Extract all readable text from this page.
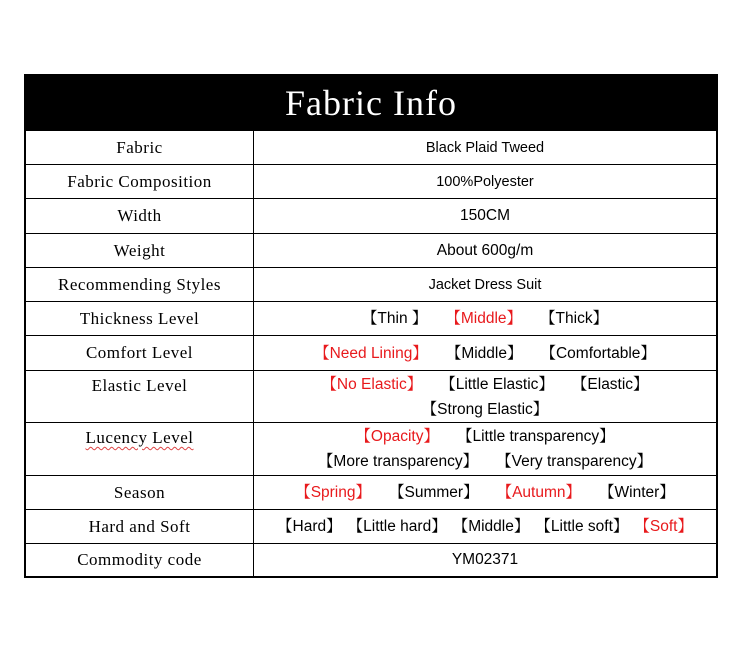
Fabric Info
Fabric	Black Plaid Tweed
Fabric Composition	100%Polyester
Width	150CM
Weight	About 600g/m
Recommending Styles	Jacket Dress Suit
Thickness Level	【Thin 】 【Middle】 【Thick】
Comfort Level	【Need Lining】 【Middle】 【Comfortable】
Elastic Level	【No Elastic】 【Little Elastic】 【Elastic】
【Strong Elastic】
Lucency Level	【Opacity】 【Little transparency】
【More transparency】 【Very transparency】
Season	【Spring】 【Summer】 【Autumn】 【Winter】
Hard and Soft	【Hard】 【Little hard】 【Middle】 【Little soft】 【Soft】
Commodity code	YM02371
